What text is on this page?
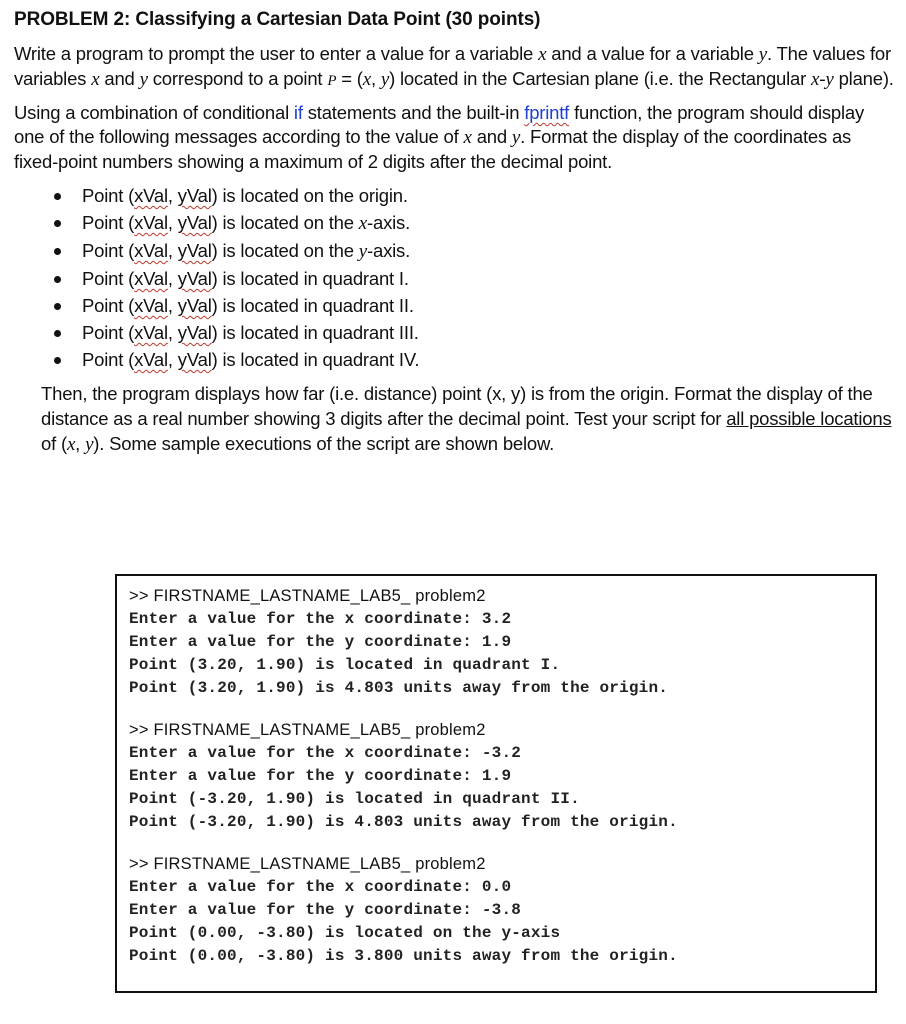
PROBLEM 2: Classifying a Cartesian Data Point (30 points)

Write a program to prompt the user to enter a value for a variable x and a value for a variable y. The values for variables x and y correspond to a point P = (x, y) located in the Cartesian plane (i.e. the Rectangular x-y plane).

Using a combination of conditional if statements and the built-in fprintf function, the program should display one of the following messages according to the value of x and y. Format the display of the coordinates as fixed-point numbers showing a maximum of 2 digits after the decimal point.

Point (xVal, yVal) is located on the origin.
Point (xVal, yVal) is located on the x-axis.
Point (xVal, yVal) is located on the y-axis.
Point (xVal, yVal) is located in quadrant I.
Point (xVal, yVal) is located in quadrant II.
Point (xVal, yVal) is located in quadrant III.
Point (xVal, yVal) is located in quadrant IV.

Then, the program displays how far (i.e. distance) point (x, y) is from the origin. Format the display of the distance as a real number showing 3 digits after the decimal point. Test your script for all possible locations of (x, y). Some sample executions of the script are shown below.

>> FIRSTNAME_LASTNAME_LAB5_ problem2
Enter a value for the x coordinate: 3.2
Enter a value for the y coordinate: 1.9
Point (3.20, 1.90) is located in quadrant I.
Point (3.20, 1.90) is 4.803 units away from the origin.
>> FIRSTNAME_LASTNAME_LAB5_ problem2
Enter a value for the x coordinate: -3.2
Enter a value for the y coordinate: 1.9
Point (-3.20, 1.90) is located in quadrant II.
Point (-3.20, 1.90) is 4.803 units away from the origin.
>> FIRSTNAME_LASTNAME_LAB5_ problem2
Enter a value for the x coordinate: 0.0
Enter a value for the y coordinate: -3.8
Point (0.00, -3.80) is located on the y-axis
Point (0.00, -3.80) is 3.800 units away from the origin.
